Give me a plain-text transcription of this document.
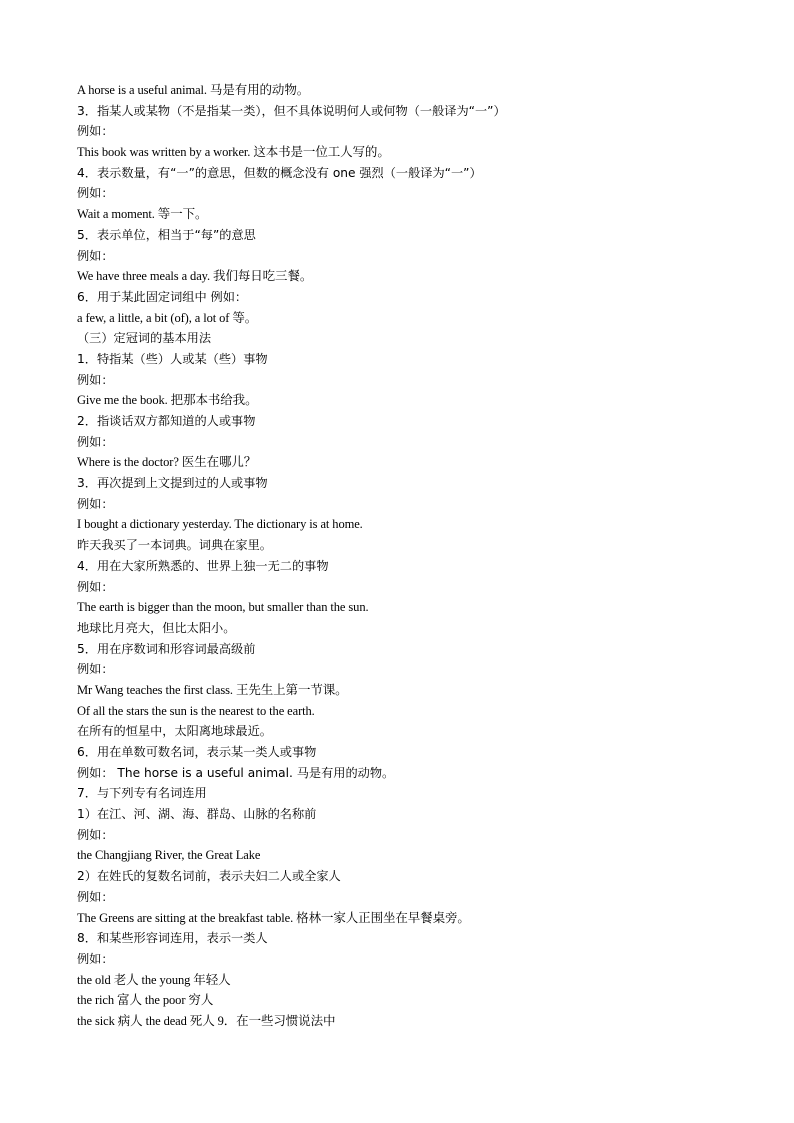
A horse is a useful animal. 马是有用的动物。
3．指某人或某物（不是指某一类），但不具体说明何人或何物（一般译为“一”）
例如：
This book was written by a worker. 这本书是一位工人写的。
4．表示数量，有“一”的意思，但数的概念没有 one 强烈（一般译为“一”）
例如：
Wait a moment. 等一下。
5．表示单位，相当于“每”的意思
例如：
We have three meals a day. 我们每日吃三餐。
6．用于某此固定词组中 例如：
a few, a little, a bit (of), a lot of 等。
（三）定冠词的基本用法
1．特指某（些）人或某（些）事物
例如：
Give me the book. 把那本书给我。
2．指谈话双方都知道的人或事物
例如：
Where is the doctor? 医生在哪儿？
3．再次提到上文提到过的人或事物
例如：
I bought a dictionary yesterday. The dictionary is at home.
昨天我买了一本词典。词典在家里。
4．用在大家所熟悉的、世界上独一无二的事物
例如：
The earth is bigger than the moon, but smaller than the sun.
地球比月亮大，但比太阳小。
5．用在序数词和形容词最高级前
例如：
Mr Wang teaches the first class. 王先生上第一节课。
Of all the stars the sun is the nearest to the earth.
在所有的恒星中，太阳离地球最近。
6．用在单数可数名词，表示某一类人或事物
例如： The horse is a useful animal. 马是有用的动物。
7．与下列专有名词连用
1）在江、河、湖、海、群岛、山脉的名称前
例如：
the Changjiang River, the Great Lake
2）在姓氏的复数名词前，表示夫妇二人或全家人
例如：
The Greens are sitting at the breakfast table. 格林一家人正围坐在早餐桌旁。
8．和某些形容词连用，表示一类人
例如：
the old 老人 the young 年轻人
the rich 富人 the poor 穷人
the sick 病人 the dead 死人 9．在一些习惯说法中
